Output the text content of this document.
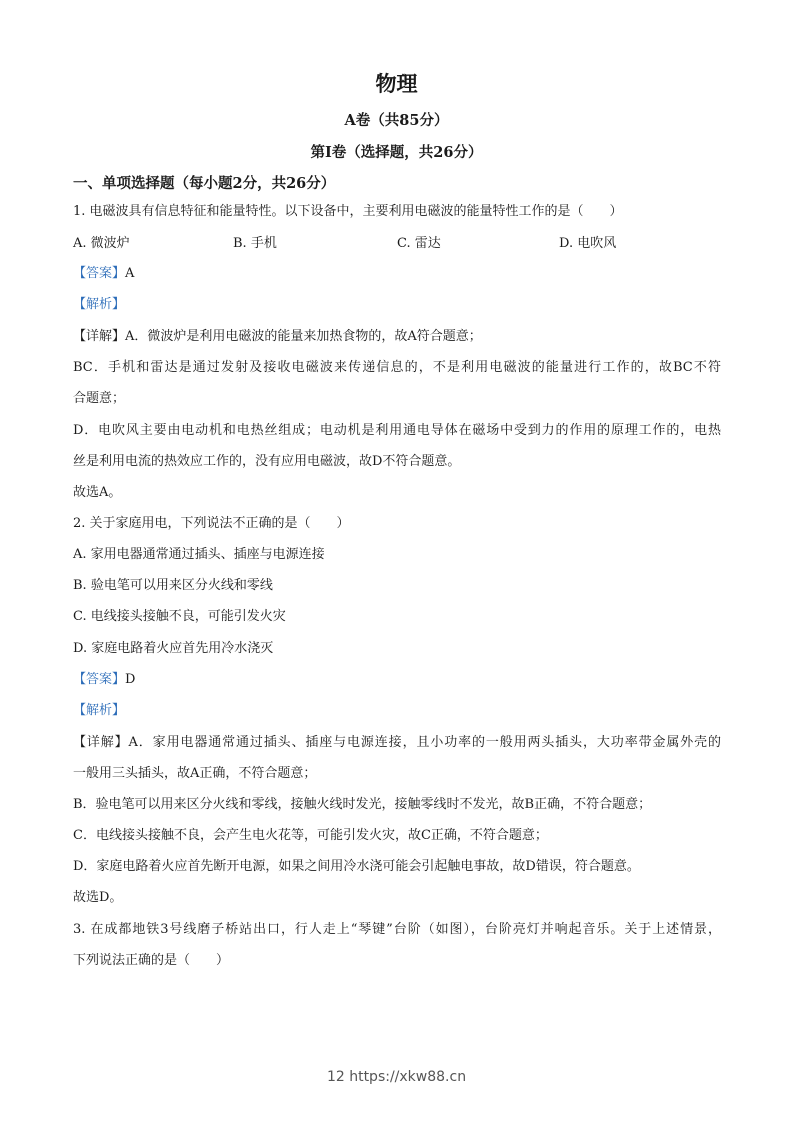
物理
A卷（共85分）
第I卷（选择题，共26分）
一、单项选择题（每小题2分，共26分）
1. 电磁波具有信息特征和能量特性。以下设备中，主要利用电磁波的能量特性工作的是（　　）
A. 微波炉	B. 手机	C. 雷达	D. 电吹风
【答案】A
【解析】
【详解】A．微波炉是利用电磁波的能量来加热食物的，故A符合题意；
BC．手机和雷达是通过发射及接收电磁波来传递信息的，不是利用电磁波的能量进行工作的，故BC不符
合题意；
D．电吹风主要由电动机和电热丝组成；电动机是利用通电导体在磁场中受到力的作用的原理工作的，电热
丝是利用电流的热效应工作的，没有应用电磁波，故D不符合题意。
故选A。
2. 关于家庭用电，下列说法不正确的是（　　）
A. 家用电器通常通过插头、插座与电源连接
B. 验电笔可以用来区分火线和零线
C. 电线接头接触不良，可能引发火灾
D. 家庭电路着火应首先用冷水浇灭
【答案】D
【解析】
【详解】A．家用电器通常通过插头、插座与电源连接，且小功率的一般用两头插头，大功率带金属外壳的
一般用三头插头，故A正确，不符合题意；
B．验电笔可以用来区分火线和零线，接触火线时发光，接触零线时不发光，故B正确，不符合题意；
C．电线接头接触不良，会产生电火花等，可能引发火灾，故C正确，不符合题意；
D．家庭电路着火应首先断开电源，如果之间用冷水浇可能会引起触电事故，故D错误，符合题意。
故选D。
3. 在成都地铁3号线磨子桥站出口，行人走上“琴键”台阶（如图），台阶亮灯并响起音乐。关于上述情景，
下列说法正确的是（　　）
12 https://xkw88.cn
